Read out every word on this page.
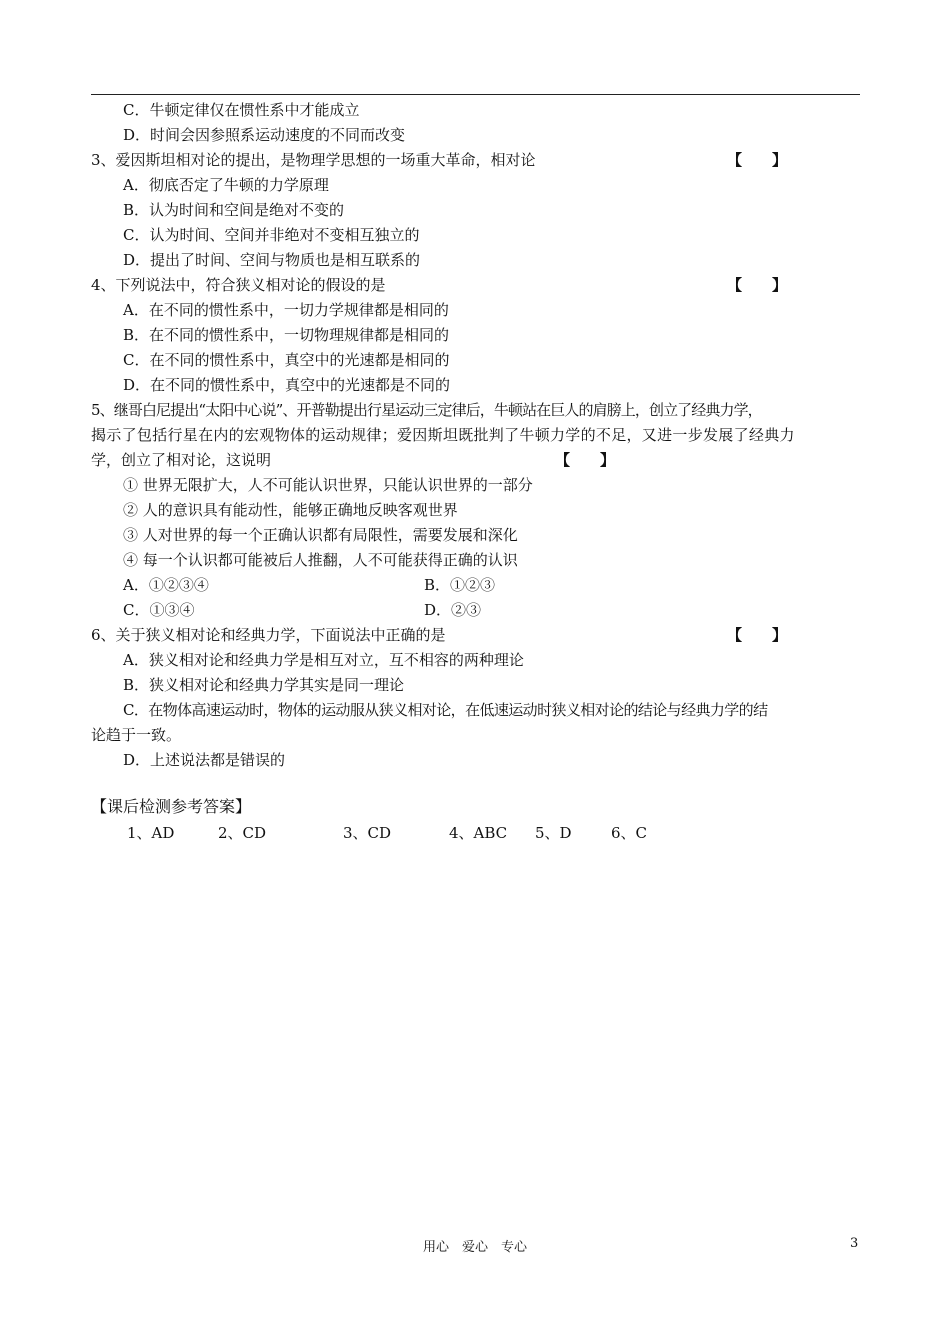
C．牛顿定律仅在惯性系中才能成立
D．时间会因参照系运动速度的不同而改变
3、爱因斯坦相对论的提出，是物理学思想的一场重大革命，相对论	【　　】
A．彻底否定了牛顿的力学原理
B．认为时间和空间是绝对不变的
C．认为时间、空间并非绝对不变相互独立的
D．提出了时间、空间与物质也是相互联系的
4、下列说法中，符合狭义相对论的假设的是	【　　】
A．在不同的惯性系中，一切力学规律都是相同的
B．在不同的惯性系中，一切物理规律都是相同的
C．在不同的惯性系中，真空中的光速都是相同的
D．在不同的惯性系中，真空中的光速都是不同的
5、继哥白尼提出“太阳中心说”、开普勒提出行星运动三定律后，牛顿站在巨人的肩膀上，创立了经典力学，
揭示了包括行星在内的宏观物体的运动规律；爱因斯坦既批判了牛顿力学的不足，又进一步发展了经典力
学，创立了相对论，这说明	【　　】
① 世界无限扩大，人不可能认识世界，只能认识世界的一部分
② 人的意识具有能动性，能够正确地反映客观世界
③ 人对世界的每一个正确认识都有局限性，需要发展和深化
④ 每一个认识都可能被后人推翻，人不可能获得正确的认识
A．①②③④	B．①②③
C．①③④	D．②③
6、关于狭义相对论和经典力学，下面说法中正确的是	【　　】
A．狭义相对论和经典力学是相互对立，互不相容的两种理论
B．狭义相对论和经典力学其实是同一理论
C．在物体高速运动时，物体的运动服从狭义相对论，在低速运动时狭义相对论的结论与经典力学的结
论趋于一致。
D．上述说法都是错误的
【课后检测参考答案】
1、AD	2、CD	3、CD	4、ABC 5、D	6、C
用心　爱心　专心	3
